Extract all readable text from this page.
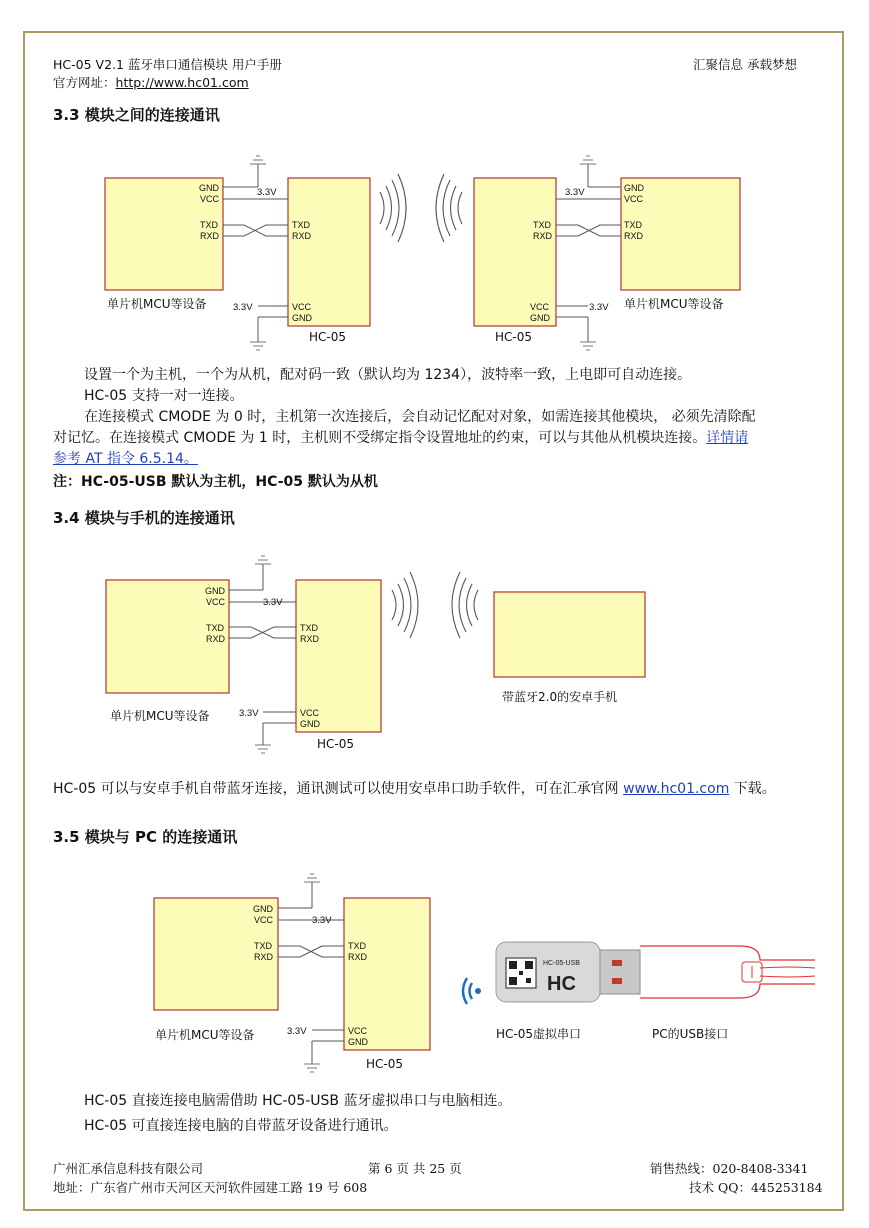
HC-05 V2.1 蓝牙串口通信模块 用户手册	汇聚信息 承载梦想
官方网址：http://www.hc01.com
3.3 模块之间的连接通讯
GND
VCC
TXD
RXD
3.3V
TXD
RXD
VCC
GND
3.3V
单片机MCU等设备
HC-05
TXD
RXD
VCC
GND
GND
VCC
TXD
RXD
3.3V
3.3V 单片机MCU等设备
HC-05
设置一个为主机，一个为从机，配对码一致（默认均为 1234），波特率一致，上电即可自动连接。
HC-05 支持一对一连接。
在连接模式 CMODE 为 0 时，主机第一次连接后，会自动记忆配对对象，如需连接其他模块， 必须先清除配
对记忆。在连接模式 CMODE 为 1 时，主机则不受绑定指令设置地址的约束，可以与其他从机模块连接。详情请
参考 AT 指令 6.5.14。
注：HC-05-USB 默认为主机，HC-05 默认为从机
3.4 模块与手机的连接通讯
GND
VCC
TXD
RXD
3.3V
TXD
RXD
VCC
GND
3.3V
单片机MCU等设备
HC-05
带蓝牙2.0的安卓手机
HC-05 可以与安卓手机自带蓝牙连接，通讯测试可以使用安卓串口助手软件，可在汇承官网 www.hc01.com 下载。
3.5 模块与 PC 的连接通讯
GND
VCC
TXD
RXD
3.3V
TXD
RXD
VCC
GND
3.3V
单片机MCU等设备
HC-05
HC-05-USB
HC
HC-05虚拟串口	PC的USB接口
HC-05 直接连接电脑需借助 HC-05-USB 蓝牙虚拟串口与电脑相连。
HC-05 可直接连接电脑的自带蓝牙设备进行通讯。
广州汇承信息科技有限公司	第 6 页 共 25 页	销售热线：020-8408-3341
地址：广东省广州市天河区天河软件园建工路 19 号 608	技术 QQ：445253184
